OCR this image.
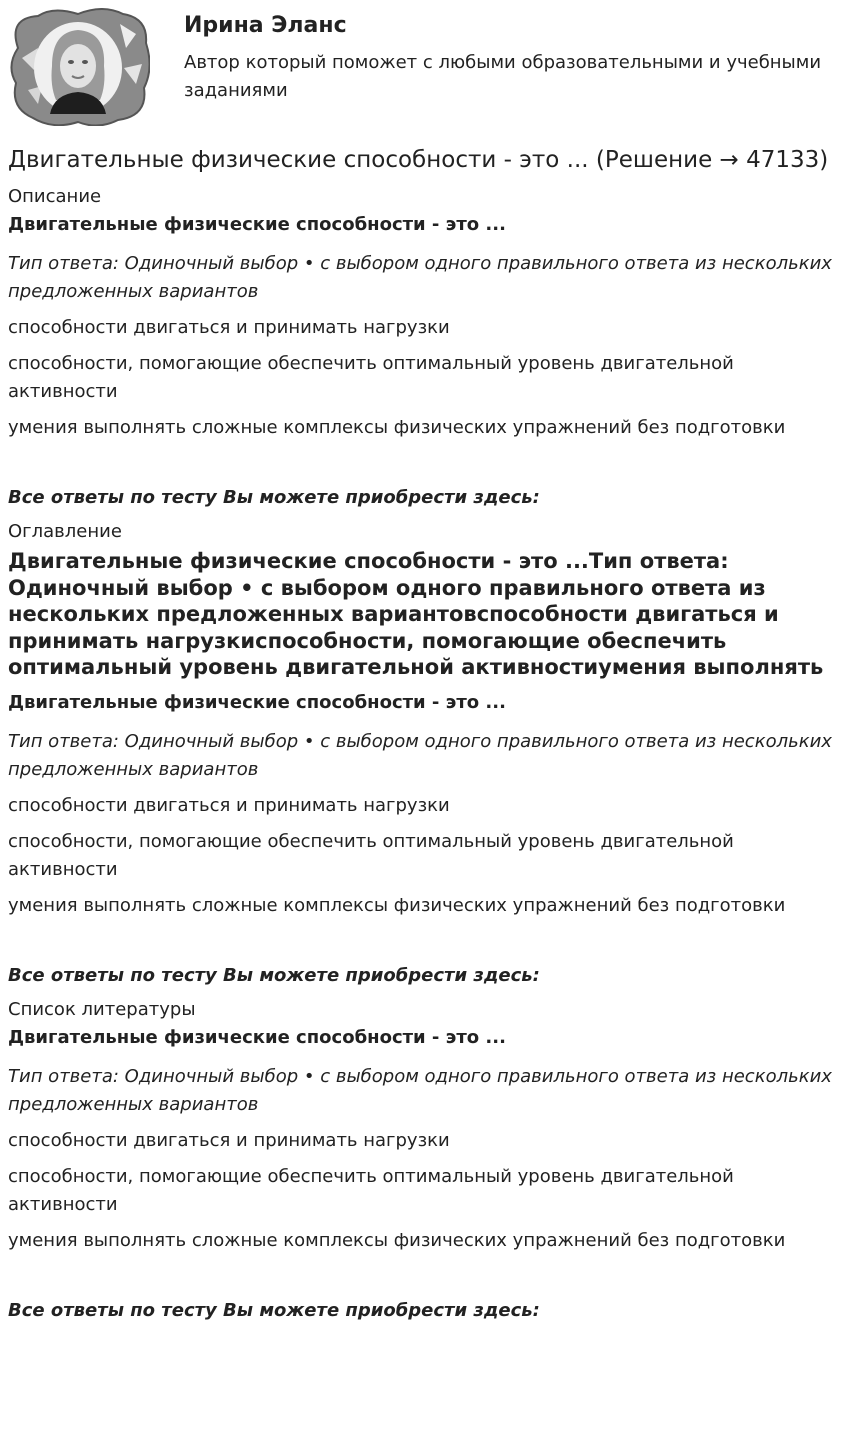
Ирина Эланс

Автор который поможет с любыми образовательными и учебными заданиями

Двигательные физические способности - это ... (Решение → 47133)
Описание
Двигательные физические способности - это ...
Тип ответа: Одиночный выбор • с выбором одного правильного ответа из нескольких предложенных вариантов
способности двигаться и принимать нагрузки
способности, помогающие обеспечить оптимальный уровень двигательной активности
умения выполнять сложные комплексы физических упражнений без подготовки
Все ответы по тесту Вы можете приобрести здесь:
Оглавление
Двигательные физические способности - это ...Тип ответа: Одиночный выбор • с выбором одного правильного ответа из нескольких предложенных вариантовспособности двигаться и принимать нагрузкиспособности, помогающие обеспечить оптимальный уровень двигательной активностиумения выполнять
Двигательные физические способности - это ...
Тип ответа: Одиночный выбор • с выбором одного правильного ответа из нескольких предложенных вариантов
способности двигаться и принимать нагрузки
способности, помогающие обеспечить оптимальный уровень двигательной активности
умения выполнять сложные комплексы физических упражнений без подготовки
Все ответы по тесту Вы можете приобрести здесь:
Список литературы
Двигательные физические способности - это ...
Тип ответа: Одиночный выбор • с выбором одного правильного ответа из нескольких предложенных вариантов
способности двигаться и принимать нагрузки
способности, помогающие обеспечить оптимальный уровень двигательной активности
умения выполнять сложные комплексы физических упражнений без подготовки
Все ответы по тесту Вы можете приобрести здесь:
